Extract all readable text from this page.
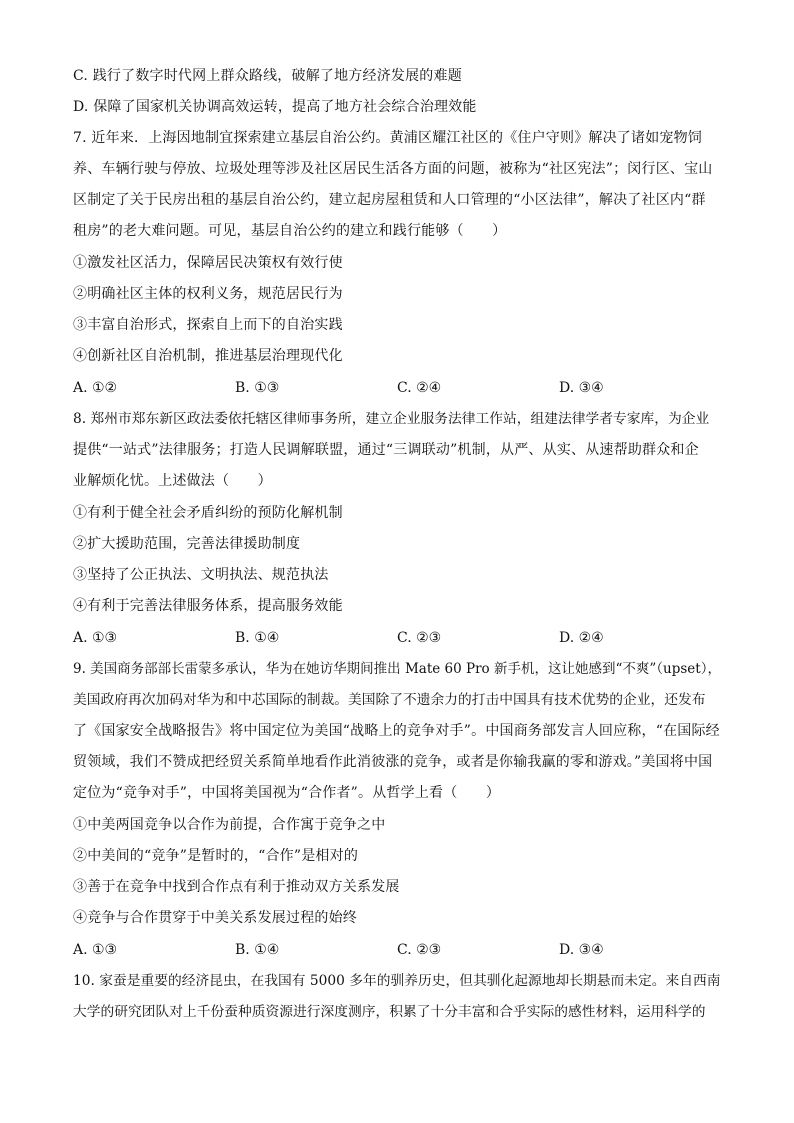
C. 践行了数字时代网上群众路线，破解了地方经济发展的难题
D. 保障了国家机关协调高效运转，提高了地方社会综合治理效能
7. 近年来．上海因地制宜探索建立基层自治公约。黄浦区耀江社区的《住户守则》解决了诸如宠物饲
养、车辆行驶与停放、垃圾处理等涉及社区居民生活各方面的问题，被称为“社区宪法”；闵行区、宝山
区制定了关于民房出租的基层自治公约，建立起房屋租赁和人口管理的“小区法律”，解决了社区内“群
租房”的老大难问题。可见，基层自治公约的建立和践行能够（　　）
①激发社区活力，保障居民决策权有效行使
②明确社区主体的权利义务，规范居民行为
③丰富自治形式，探索自上而下的自治实践
④创新社区自治机制，推进基层治理现代化
A. ①②	B. ①③	C. ②④	D. ③④
8. 郑州市郑东新区政法委依托辖区律师事务所，建立企业服务法律工作站，组建法律学者专家库，为企业
提供“一站式”法律服务；打造人民调解联盟，通过“三调联动”机制，从严、从实、从速帮助群众和企
业解烦化忧。上述做法（　　）
①有利于健全社会矛盾纠纷的预防化解机制
②扩大援助范围，完善法律援助制度
③坚持了公正执法、文明执法、规范执法
④有利于完善法律服务体系，提高服务效能
A. ①③	B. ①④	C. ②③	D. ②④
9. 美国商务部部长雷蒙多承认，华为在她访华期间推出 Mate 60 Pro 新手机，这让她感到“不爽”（upset），
美国政府再次加码对华为和中芯国际的制裁。美国除了不遗余力的打击中国具有技术优势的企业，还发布
了《国家安全战略报告》将中国定位为美国“战略上的竞争对手”。中国商务部发言人回应称，“在国际经
贸领域，我们不赞成把经贸关系简单地看作此消彼涨的竞争，或者是你输我赢的零和游戏。”美国将中国
定位为“竞争对手”，中国将美国视为“合作者”。从哲学上看（　　）
①中美两国竞争以合作为前提，合作寓于竞争之中
②中美间的“竞争”是暂时的，“合作”是相对的
③善于在竞争中找到合作点有利于推动双方关系发展
④竞争与合作贯穿于中美关系发展过程的始终
A. ①③	B. ①④	C. ②③	D. ③④
10. 家蚕是重要的经济昆虫，在我国有 5000 多年的驯养历史，但其驯化起源地却长期悬而未定。来自西南
大学的研究团队对上千份蚕种质资源进行深度测序，积累了十分丰富和合乎实际的感性材料，运用科学的
